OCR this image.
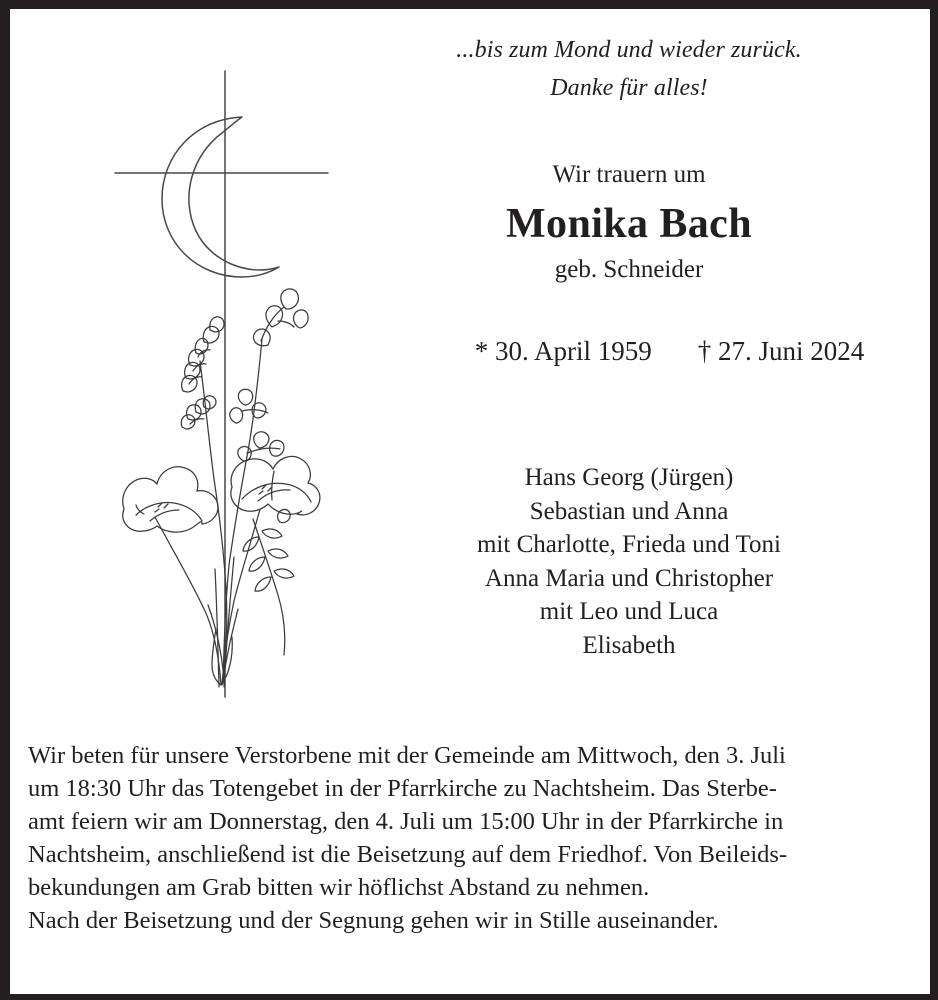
...bis zum Mond und wieder zurück.
Danke für alles!
Wir trauern um
Monika Bach
geb. Schneider

* 30. April 1959 † 27. Juni 2024

Hans Georg (Jürgen)
Sebastian und Anna
mit Charlotte, Frieda und Toni
Anna Maria und Christopher
mit Leo und Luca
Elisabeth
Wir beten für unsere Verstorbene mit der Gemeinde am Mittwoch, den 3. Juli
um 18:30 Uhr das Totengebet in der Pfarrkirche zu Nachtsheim. Das Sterbe-
amt feiern wir am Donnerstag, den 4. Juli um 15:00 Uhr in der Pfarrkirche in
Nachtsheim, anschließend ist die Beisetzung auf dem Friedhof. Von Beileids-
bekundungen am Grab bitten wir höflichst Abstand zu nehmen.
Nach der Beisetzung und der Segnung gehen wir in Stille auseinander.
